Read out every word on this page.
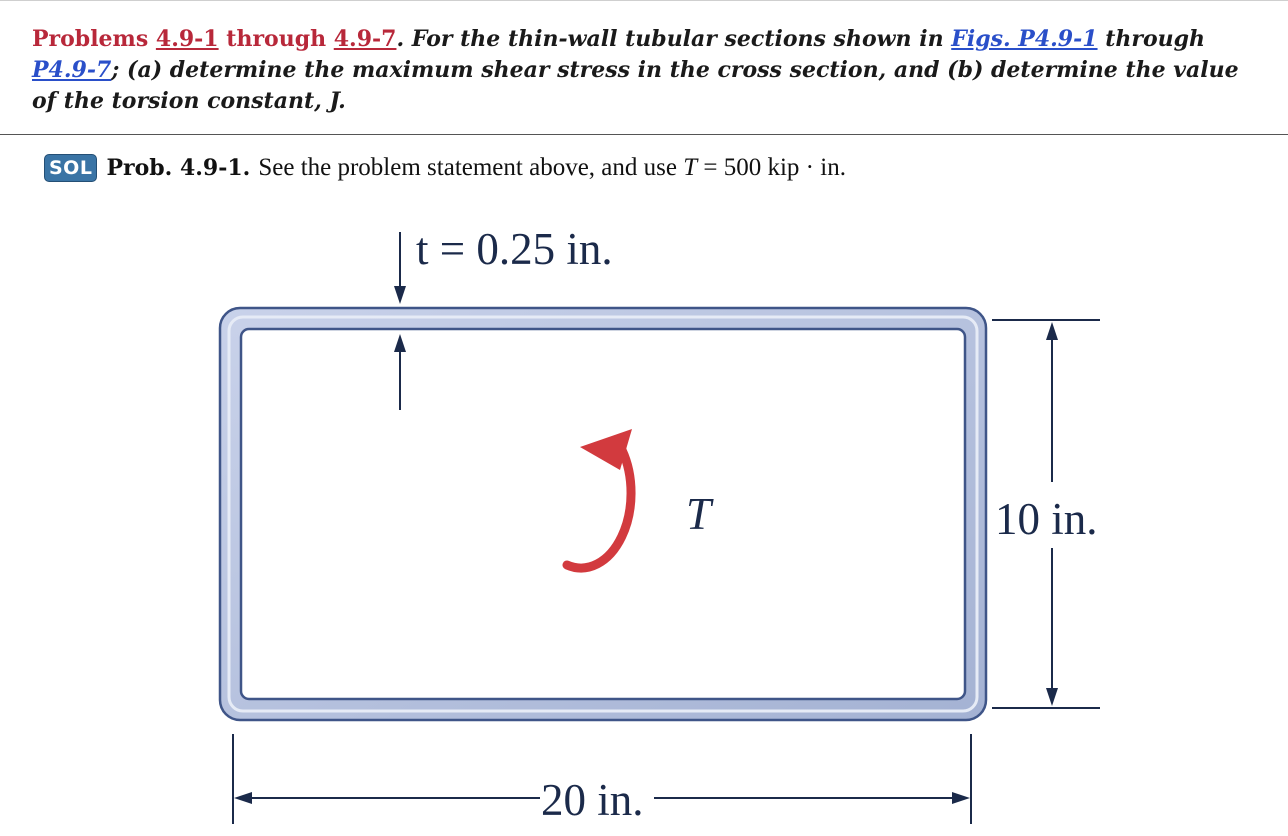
Problems 4.9-1 through 4.9-7. For the thin-wall tubular sections shown in Figs. P4.9-1 through P4.9-7; (a) determine the maximum shear stress in the cross section, and (b) determine the value of the torsion constant, J.
SOL Prob. 4.9-1. See the problem statement above, and use T = 500 kip · in.
t = 0.25 in.
T	10 in.
20 in.
